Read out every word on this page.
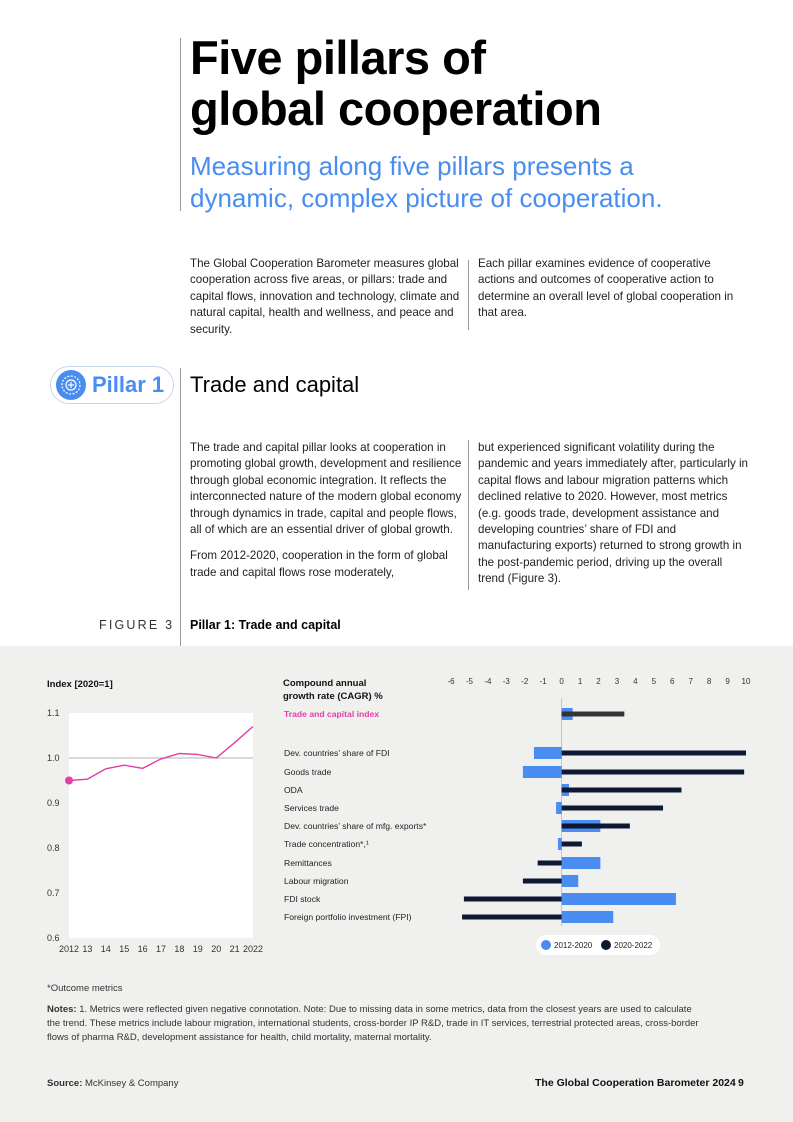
Five pillars of
global cooperation
Measuring along five pillars presents a dynamic, complex picture of cooperation.

The Global Cooperation Barometer measures global cooperation across five areas, or pillars: trade and capital flows, innovation and technology, climate and natural capital, health and wellness, and peace and security.

Each pillar examines evidence of cooperative actions and outcomes of cooperative action to determine an overall level of global cooperation in that area.

Pillar 1 Trade and capital

The trade and capital pillar looks at cooperation in promoting global growth, development and resilience through global economic integration. It reflects the interconnected nature of the modern global economy through dynamics in trade, capital and people flows, all of which are an essential driver of global growth.

From 2012-2020, cooperation in the form of global trade and capital flows rose moderately,

but experienced significant volatility during the pandemic and years immediately after, particularly in capital flows and labour migration patterns which declined relative to 2020. However, most metrics (e.g. goods trade, development assistance and developing countries’ share of FDI and manufacturing exports) returned to strong growth in the post-pandemic period, driving up the overall trend (Figure 3).

FIGURE 3 Pillar 1: Trade and capital
Index [2020=1]
0.6
0.7
0.8
0.9
1.0
1.1
2012 13 14 15 16 17 18 19 20 21 2022
Compound annual
growth rate (CAGR) %
-6 -5 -4 -3 -2 -1 0 1 2 3 4 5 6 7 8 9 10
Trade and capital index
Dev. countries’ share of FDI
Goods trade
ODA
Services trade
Dev. countries’ share of mfg. exports*
Trade concentration*,¹
Remittances
Labour migration
FDI stock
Foreign portfolio investment (FPI)
2012-2020	2020-2022
*Outcome metrics
Notes: 1. Metrics were reflected given negative connotation. Note: Due to missing data in some metrics, data from the closest years are used to calculate the trend. These metrics include labour migration, international students, cross-border IP R&D, trade in IT services, terrestrial protected areas, cross-border flows of pharma R&D, development assistance for health, child mortality, maternal mortality.
Source: McKinsey & Company	The Global Cooperation Barometer 2024 9
